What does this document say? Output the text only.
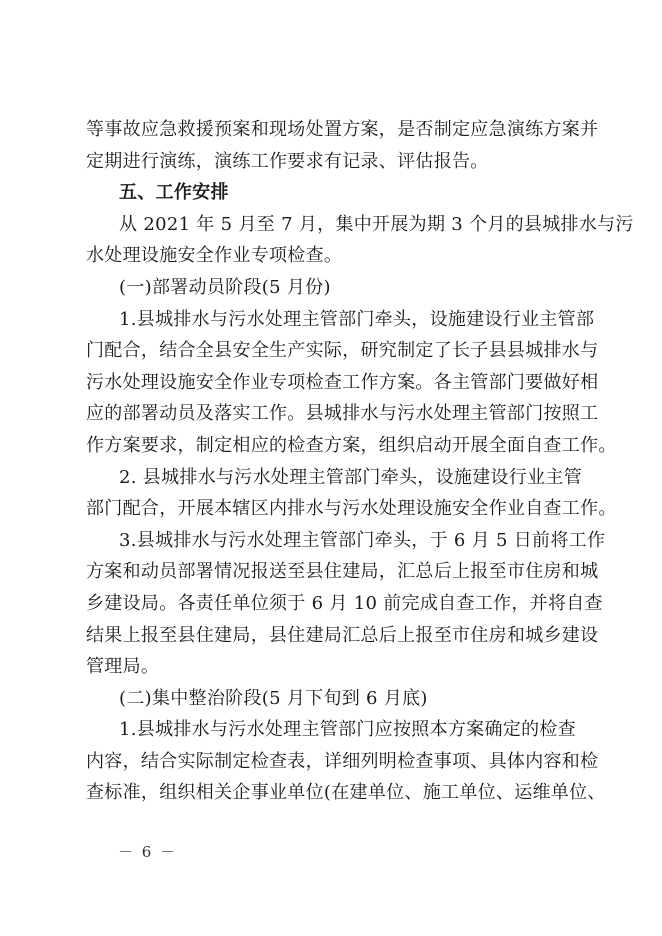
等事故应急救援预案和现场处置方案，是否制定应急演练方案并
定期进行演练，演练工作要求有记录、评估报告。
五、工作安排
从 2021 年 5 月至 7 月，集中开展为期 3 个月的县城排水与污
水处理设施安全作业专项检查。
(一)部署动员阶段(5 月份)
1.县城排水与污水处理主管部门牵头，设施建设行业主管部
门配合，结合全县安全生产实际，研究制定了长子县县城排水与
污水处理设施安全作业专项检查工作方案。各主管部门要做好相
应的部署动员及落实工作。县城排水与污水处理主管部门按照工
作方案要求，制定相应的检查方案，组织启动开展全面自查工作。
2. 县城排水与污水处理主管部门牵头，设施建设行业主管
部门配合，开展本辖区内排水与污水处理设施安全作业自查工作。
3.县城排水与污水处理主管部门牵头，于 6 月 5 日前将工作
方案和动员部署情况报送至县住建局，汇总后上报至市住房和城
乡建设局。各责任单位须于 6 月 10 前完成自查工作，并将自查
结果上报至县住建局，县住建局汇总后上报至市住房和城乡建设
管理局。
(二)集中整治阶段(5 月下旬到 6 月底)
1.县城排水与污水处理主管部门应按照本方案确定的检查
内容，结合实际制定检查表，详细列明检查事项、具体内容和检
查标准，组织相关企事业单位(在建单位、施工单位、运维单位、
－ 6 －
